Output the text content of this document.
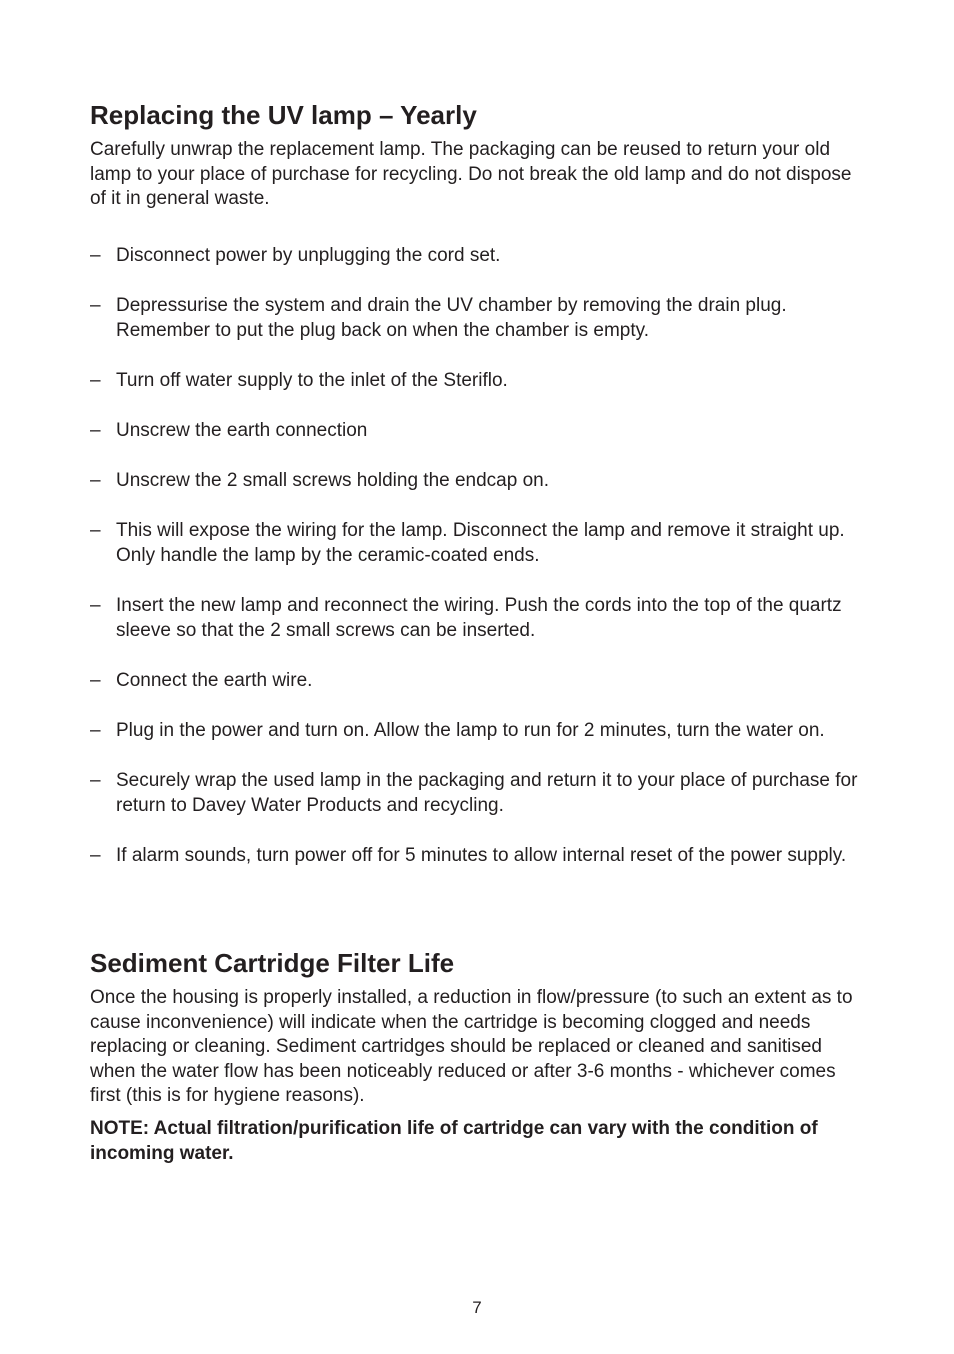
Replacing the UV lamp – Yearly

Carefully unwrap the replacement lamp. The packaging can be reused to return your old lamp to your place of purchase for recycling. Do not break the old lamp and do not dispose of it in general waste.

– Disconnect power by unplugging the cord set.
– Depressurise the system and drain the UV chamber by removing the drain plug. Remember to put the plug back on when the chamber is empty.
– Turn off water supply to the inlet of the Steriflo.
– Unscrew the earth connection
– Unscrew the 2 small screws holding the endcap on.
– This will expose the wiring for the lamp. Disconnect the lamp and remove it straight up. Only handle the lamp by the ceramic-coated ends.
– Insert the new lamp and reconnect the wiring. Push the cords into the top of the quartz sleeve so that the 2 small screws can be inserted.
– Connect the earth wire.
– Plug in the power and turn on. Allow the lamp to run for 2 minutes, turn the water on.
– Securely wrap the used lamp in the packaging and return it to your place of purchase for return to Davey Water Products and recycling.
– If alarm sounds, turn power off for 5 minutes to allow internal reset of the power supply.
Sediment Cartridge Filter Life

Once the housing is properly installed, a reduction in flow/pressure (to such an extent as to cause inconvenience) will indicate when the cartridge is becoming clogged and needs replacing or cleaning. Sediment cartridges should be replaced or cleaned and sanitised when the water flow has been noticeably reduced or after 3-6 months - whichever comes first (this is for hygiene reasons).

NOTE: Actual filtration/purification life of cartridge can vary with the condition of incoming water.

7
